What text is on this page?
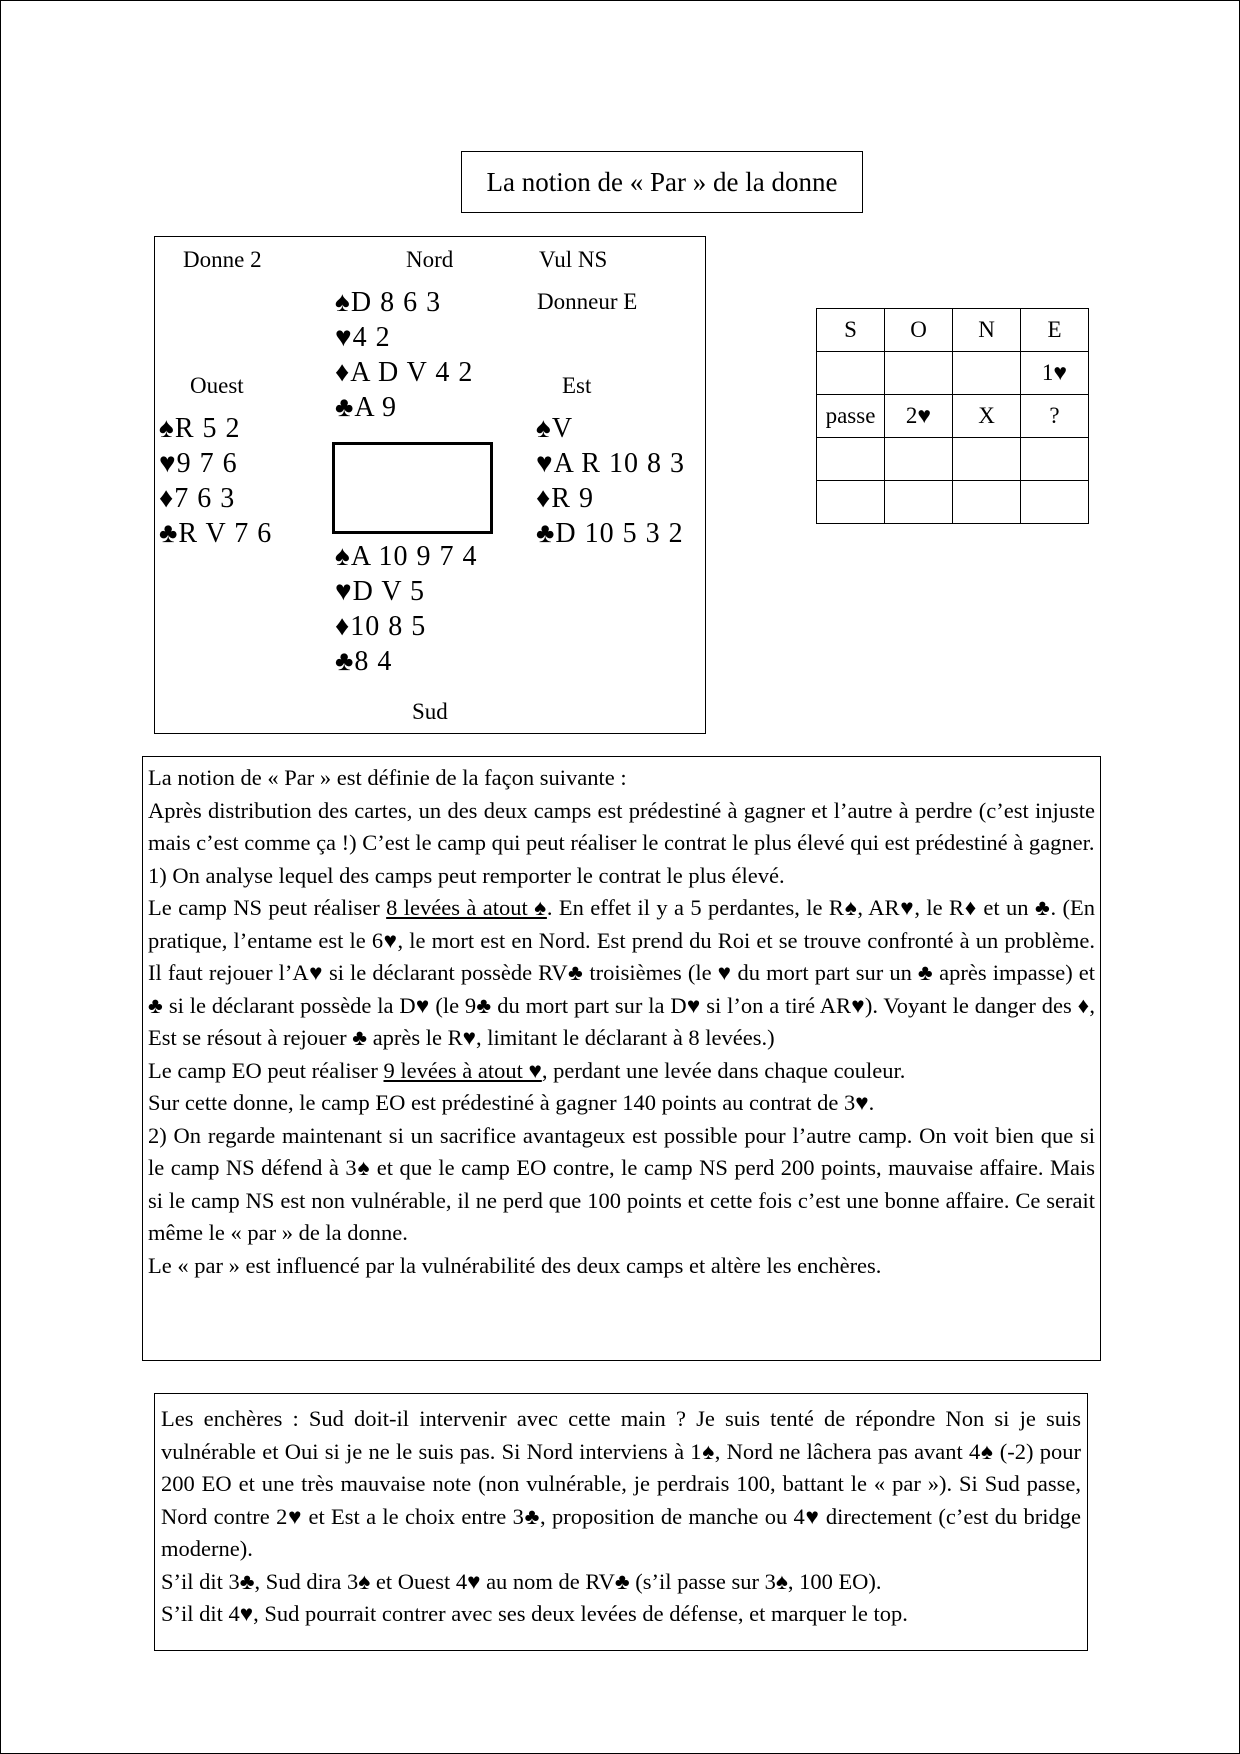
La notion de « Par » de la donne
Donne 2	Nord	Vul NS
Donneur E
Ouest	Est
Sud
♠D 8 6 3
♥4 2
♦A D V 4 2
♣A 9
♠R 5 2
♥9 7 6
♦7 6 3
♣R V 7 6
♠V
♥A R 10 8 3
♦R 9
♣D 10 5 3 2
♠A 10 9 7 4
♥D V 5
♦10 8 5
♣8 4
S	O	N	E
			1♥
passe	2♥	X	?

La notion de « Par » est définie de la façon suivante :
Après distribution des cartes, un des deux camps est prédestiné à gagner et l’autre à perdre (c’est injuste mais c’est comme ça !) C’est le camp qui peut réaliser le contrat le plus élevé qui est prédestiné à gagner.
1) On analyse lequel des camps peut remporter le contrat le plus élevé.
Le camp NS peut réaliser 8 levées à atout ♠. En effet il y a 5 perdantes, le R♠, AR♥, le R♦ et un ♣. (En pratique, l’entame est le 6♥, le mort est en Nord. Est prend du Roi et se trouve confronté à un problème. Il faut rejouer l’A♥ si le déclarant possède RV♣ troisièmes (le ♥ du mort part sur un ♣ après impasse) et ♣ si le déclarant possède la D♥ (le 9♣ du mort part sur la D♥ si l’on a tiré AR♥). Voyant le danger des ♦, Est se résout à rejouer ♣ après le R♥, limitant le déclarant à 8 levées.)
Le camp EO peut réaliser 9 levées à atout ♥, perdant une levée dans chaque couleur.
Sur cette donne, le camp EO est prédestiné à gagner 140 points au contrat de 3♥.
2) On regarde maintenant si un sacrifice avantageux est possible pour l’autre camp. On voit bien que si le camp NS défend à 3♠ et que le camp EO contre, le camp NS perd 200 points, mauvaise affaire. Mais si le camp NS est non vulnérable, il ne perd que 100 points et cette fois c’est une bonne affaire. Ce serait même le « par » de la donne.
Le « par » est influencé par la vulnérabilité des deux camps et altère les enchères.
Les enchères : Sud doit-il intervenir avec cette main ? Je suis tenté de répondre Non si je suis vulnérable et Oui si je ne le suis pas. Si Nord interviens à 1♠, Nord ne lâchera pas avant 4♠ (-2) pour 200 EO et une très mauvaise note (non vulnérable, je perdrais 100, battant le « par »). Si Sud passe, Nord contre 2♥ et Est a le choix entre 3♣, proposition de manche ou 4♥ directement (c’est du bridge moderne).
S’il dit 3♣, Sud dira 3♠ et Ouest 4♥ au nom de RV♣ (s’il passe sur 3♠, 100 EO).
S’il dit 4♥, Sud pourrait contrer avec ses deux levées de défense, et marquer le top.
